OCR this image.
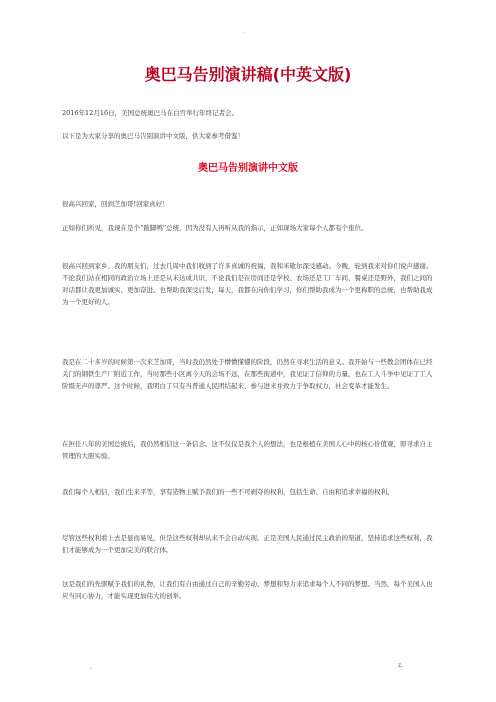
.
奥巴马告别演讲稿(中英文版)
2016年12月16日，美国总统奥巴马在白宫举行年终记者会。
以下是为大家分享的奥巴马告别演讲中文版，供大家参考借鉴！
奥巴马告别演讲中文版
很高兴回家，回到芝加哥!回家真好！
正如你们所见，我现在是个“跛脚鸭”总统，因为没有人再听从我的指示，正如现场大家每个人都有个座位。
很高兴回到家乡。我的朋友们，过去几周中我们收到了许多真诚的祝福，我和米歇尔深受感动。今晚，轮到我来对你们说声感谢。不论我们站在相同的政治立场上还是从未达成共识，不论我们是在房间还是学校、农场还是工厂车间、餐桌还是野外，我们之间的对话都让我更加诚实、更加奋进。也帮助我深受启发，每天，我都在向你们学习，你们帮助我成为一个更称职的总统，也帮助我成为一个更好的人。
我是在二十多岁的时候第一次来芝加哥，当时我仍然处于懵懵懂懂的阶段，仍然在寻求生活的意义。我开始与一些教会团体在已经关门的钢铁生产厂附近工作，当时那些小区离今天的会场不远，在那些街道中，我见证了信仰的力量，也在工人斗争中见证了工人阶级无声的尊严。这个时候，我明白了只有当普通人民团结起来、参与进来并致力于争取权力，社会变革才能发生。
在担任八年的美国总统后，我仍然相信这一条信念。这不仅仅是我个人的想法，也是根植在美国人心中的核心价值观，即寻求自主管理的大胆实验。
我们每个人相信，我们生来平等，享有造物主赋予我们的一些不可剥夺的权利，包括生命、自由和追求幸福的权利。
尽管这些权利看上去是显而易见，但是这些权利却从来不会自动实现。正是美国人民通过民主政治的渠道，坚持追求这些权利，我们才能够成为一个更加完美的联合体。
这是我们的先驱赋予我们的礼物，让我们有自由通过自己的辛勤劳动、梦想和努力来追求每个人不同的梦想。当然，每个美国人也应当同心协力，才能实现更加伟大的创举。
.	z.
